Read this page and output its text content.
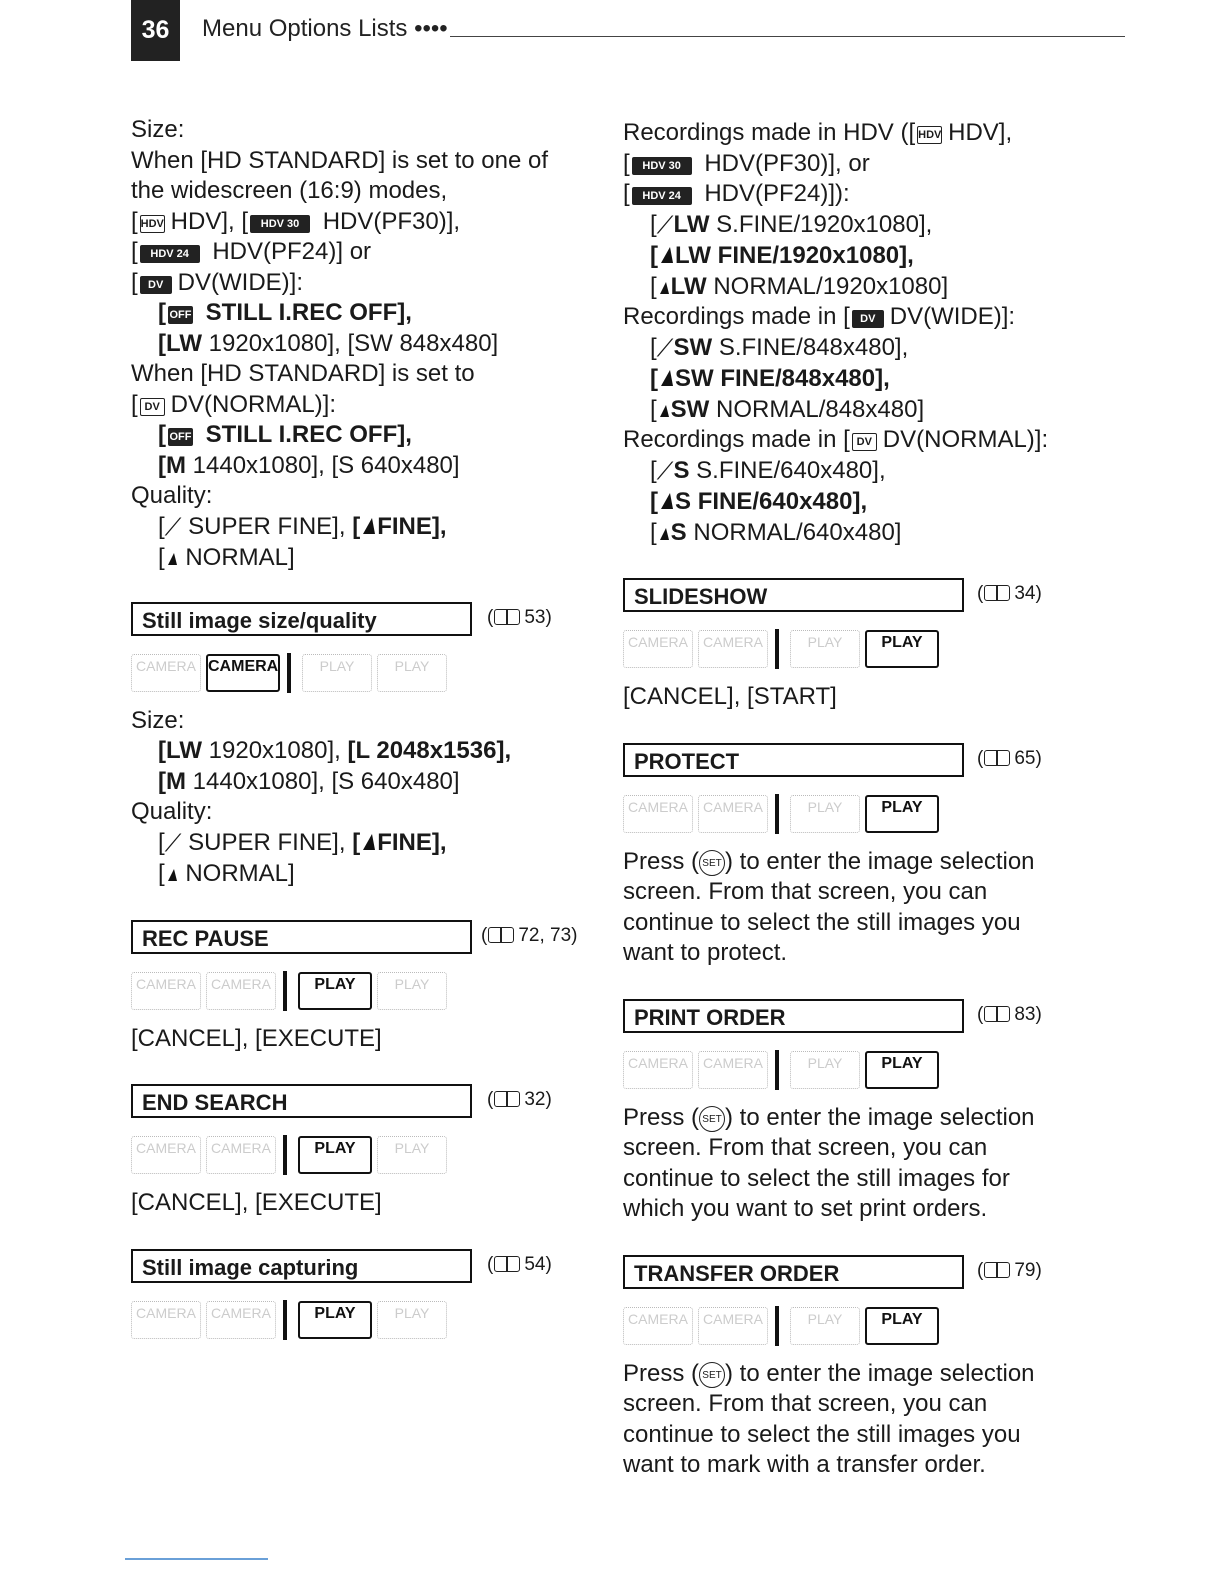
36	Menu Options Lists ••••
Size:
When [HD STANDARD] is set to one of
the widescreen (16:9) modes,
[ HDV HDV], [ HDV 30 HDV(PF30)],
[ HDV 24 HDV(PF24)] or
[ DV DV(WIDE)]:
[ OFF STILL I.REC OFF],
[LW 1920x1080], [SW 848x480]
When [HD STANDARD] is set to
[ DV DV(NORMAL)]:
[ OFF STILL I.REC OFF],
[M 1440x1080], [S 640x480]
Quality:
[⟋ SUPER FINE], [ FINE],
[ NORMAL]
Still image size/quality	( 53)
CAMERA CAMERA	PLAY	PLAY
Size:
[LW 1920x1080], [L 2048x1536],
[M 1440x1080], [S 640x480]
Quality:
[⟋ SUPER FINE], [ FINE],
[ NORMAL]
REC PAUSE	( 72, 73)
CAMERA	CAMERA	PLAY	PLAY
[CANCEL], [EXECUTE]
END SEARCH	( 32)
CAMERA	CAMERA	PLAY	PLAY
[CANCEL], [EXECUTE]
Still image capturing	( 54)
CAMERA	CAMERA	PLAY	PLAY
Recordings made in HDV ([ HDV HDV],
[ HDV 30 HDV(PF30)], or
[ HDV 24 HDV(PF24)]):
[⟋LW S.FINE/1920x1080],
[ LW FINE/1920x1080],
[ LW NORMAL/1920x1080]
Recordings made in [ DV DV(WIDE)]:
[⟋SW S.FINE/848x480],
[ SW FINE/848x480],
[ SW NORMAL/848x480]
Recordings made in [ DV DV(NORMAL)]:
[⟋S S.FINE/640x480],
[ S FINE/640x480],
[ S NORMAL/640x480]
SLIDESHOW	( 34)
CAMERA	CAMERA	PLAY	PLAY
[CANCEL], [START]
PROTECT	( 65)
CAMERA	CAMERA	PLAY	PLAY
Press ( SET ) to enter the image selection
screen. From that screen, you can
continue to select the still images you
want to protect.
PRINT ORDER	( 83)
CAMERA	CAMERA	PLAY	PLAY
Press ( SET ) to enter the image selection
screen. From that screen, you can
continue to select the still images for
which you want to set print orders.
TRANSFER ORDER	( 79)
CAMERA	CAMERA	PLAY	PLAY
Press ( SET ) to enter the image selection
screen. From that screen, you can
continue to select the still images you
want to mark with a transfer order.
